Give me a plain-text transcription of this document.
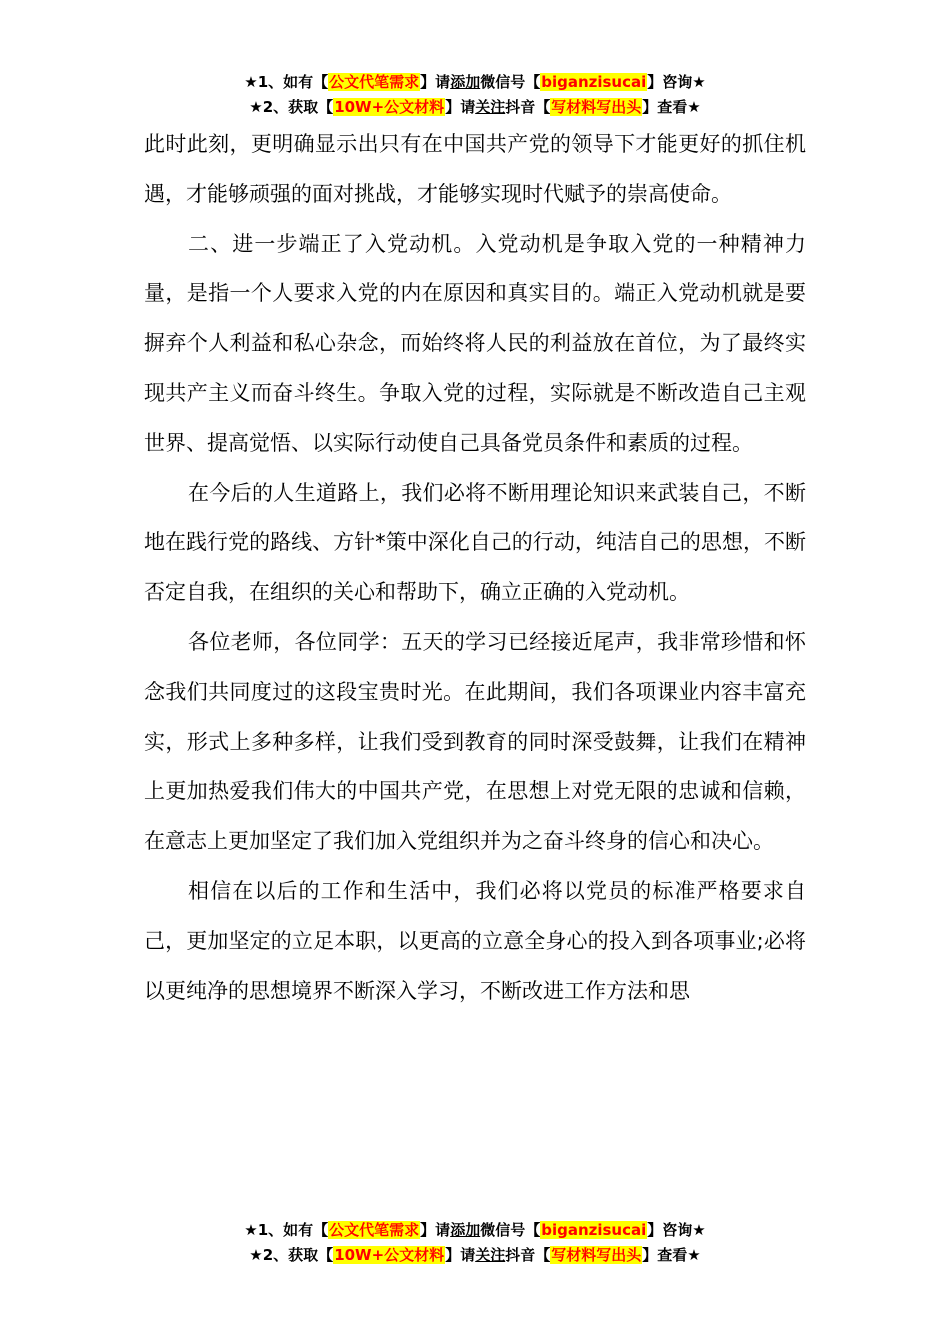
★1、如有【公文代笔需求】请添加微信号【biganzisucai】咨询★
★2、获取【10W+公文材料】请关注抖音【写材料写出头】查看★

此时此刻，更明确显示出只有在中国共产党的领导下才能更好的抓住机遇，才能够顽强的面对挑战，才能够实现时代赋予的崇高使命。

二、进一步端正了入党动机。入党动机是争取入党的一种精神力量，是指一个人要求入党的内在原因和真实目的。端正入党动机就是要摒弃个人利益和私心杂念，而始终将人民的利益放在首位，为了最终实现共产主义而奋斗终生。争取入党的过程，实际就是不断改造自己主观世界、提高觉悟、以实际行动使自己具备党员条件和素质的过程。

在今后的人生道路上，我们必将不断用理论知识来武装自己，不断地在践行党的路线、方针*策中深化自己的行动，纯洁自己的思想，不断否定自我，在组织的关心和帮助下，确立正确的入党动机。

各位老师，各位同学：五天的学习已经接近尾声，我非常珍惜和怀念我们共同度过的这段宝贵时光。在此期间，我们各项课业内容丰富充实，形式上多种多样，让我们受到教育的同时深受鼓舞，让我们在精神上更加热爱我们伟大的中国共产党，在思想上对党无限的忠诚和信赖，在意志上更加坚定了我们加入党组织并为之奋斗终身的信心和决心。

相信在以后的工作和生活中，我们必将以党员的标准严格要求自己，更加坚定的立足本职，以更高的立意全身心的投入到各项事业;必将以更纯净的思想境界不断深入学习，不断改进工作方法和思

★1、如有【公文代笔需求】请添加微信号【biganzisucai】咨询★
★2、获取【10W+公文材料】请关注抖音【写材料写出头】查看★
